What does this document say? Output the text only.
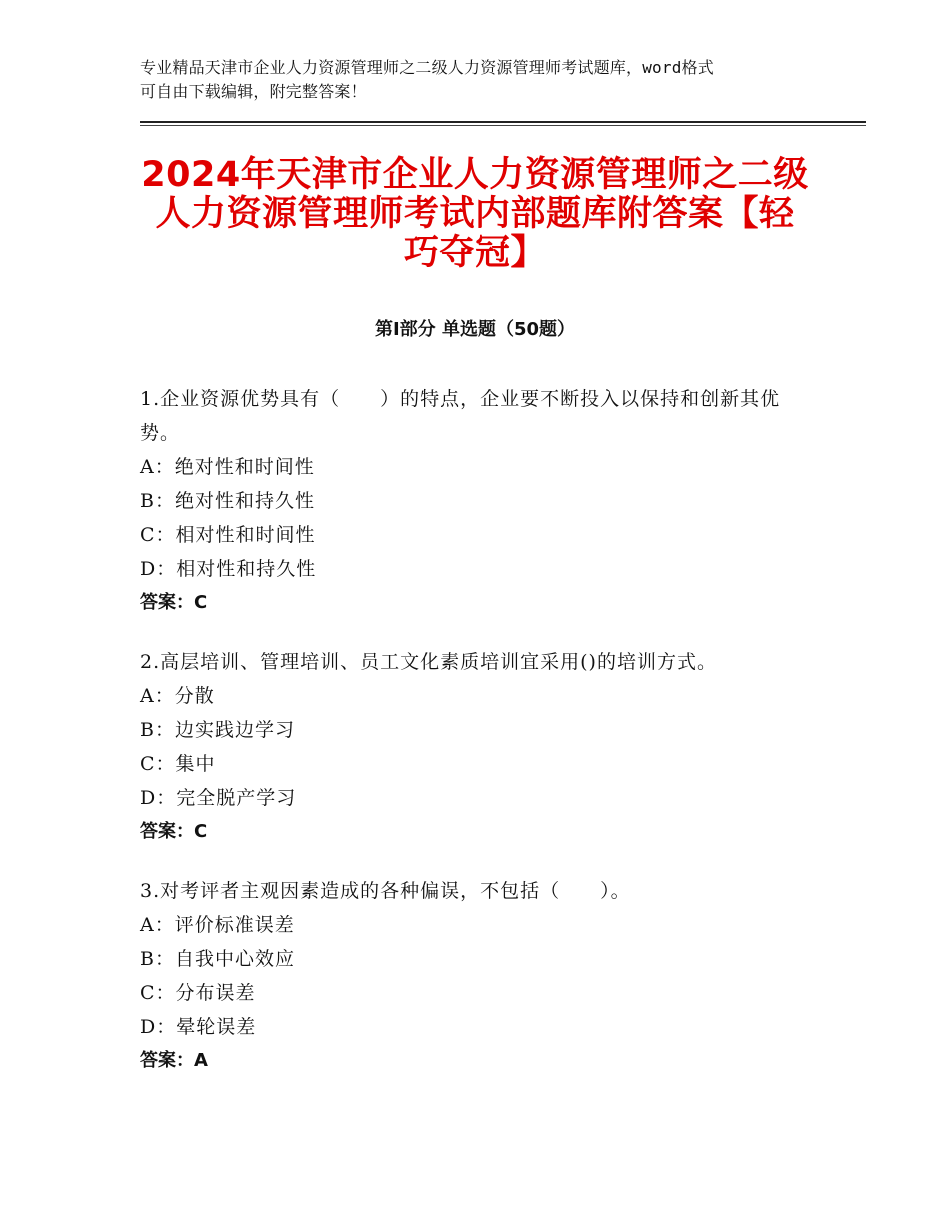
专业精品天津市企业人力资源管理师之二级人力资源管理师考试题库，word格式
可自由下载编辑，附完整答案！
2024年天津市企业人力资源管理师之二级人力资源管理师考试内部题库附答案【轻巧夺冠】
第Ⅰ部分 单选题（50题）
1.企业资源优势具有（　　）的特点，企业要不断投入以保持和创新其优势。
A：绝对性和时间性
B：绝对性和持久性
C：相对性和时间性
D：相对性和持久性
答案：C
2.高层培训、管理培训、员工文化素质培训宜采用()的培训方式。
A：分散
B：边实践边学习
C：集中
D：完全脱产学习
答案：C
3.对考评者主观因素造成的各种偏误，不包括（　　）。
A：评价标准误差
B：自我中心效应
C：分布误差
D：晕轮误差
答案：A
